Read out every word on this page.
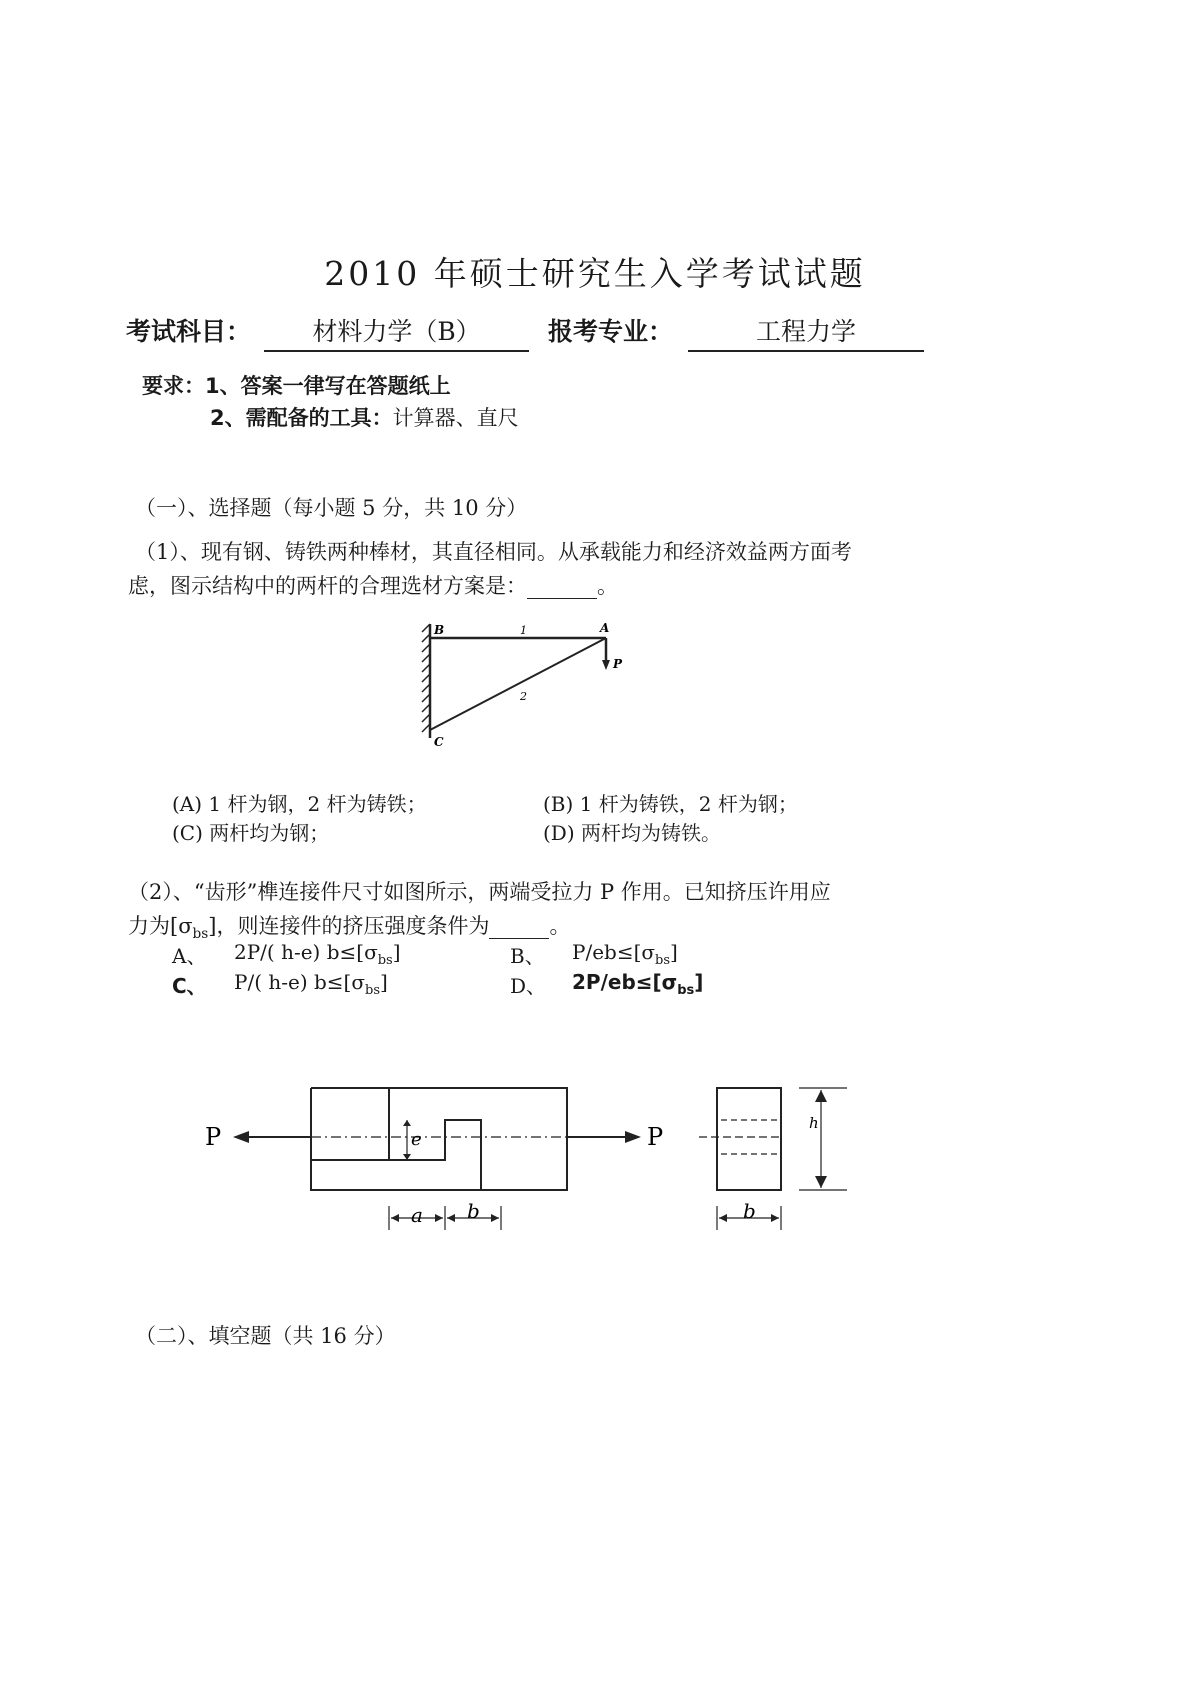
2010 年硕士研究生入学考试试题
考试科目：	材料力学（B）	报考专业：	工程力学
要求：1、答案一律写在答题纸上
2、需配备的工具：计算器、直尺
（一）、选择题（每小题 5 分，共 10 分）
（1）、现有钢、铸铁两种棒材，其直径相同。从承载能力和经济效益两方面考
虑，图示结构中的两杆的合理选材方案是：	。
B	A
C
P
1
2
(A) 1 杆为钢，2 杆为铸铁；	(B) 1 杆为铸铁，2 杆为钢；
(C) 两杆均为钢；	(D) 两杆均为铸铁。
（2）、“齿形”榫连接件尺寸如图所示，两端受拉力 P 作用。已知挤压许用应
力为$[\sigma_{bs}]$，则连接件的挤压强度条件为	。
A、 2P/( h-e) $b\le[\sigma_{bs}]$	B、 $P/eb\le[\sigma_{bs}]$
C、 P/( h-e) $b\le[\sigma_{bs}]$	D、 $2P/eb\le[\sigma_{bs}]$
P	e	P
a b
h
b
（二）、填空题（共 16 分）
